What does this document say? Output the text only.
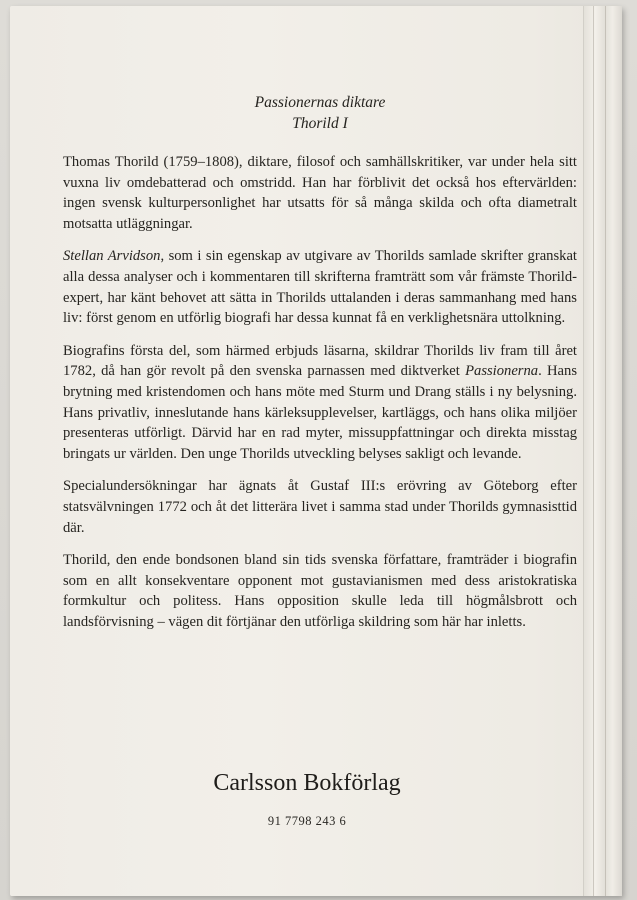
Passionernas diktare
Thorild I

Thomas Thorild (1759–1808), diktare, filosof och samhällskritiker, var under hela sitt vuxna liv omdebatterad och omstridd. Han har förblivit det också hos eftervärlden: ingen svensk kulturpersonlighet har utsatts för så många skilda och ofta diametralt motsatta utläggningar.

Stellan Arvidson, som i sin egenskap av utgivare av Thorilds samlade skrifter granskat alla dessa analyser och i kommentaren till skrifterna framträtt som vår främste Thorild-expert, har känt behovet att sätta in Thorilds uttalanden i deras sammanhang med hans liv: först genom en utförlig biografi har dessa kunnat få en verklighetsnära uttolkning.

Biografins första del, som härmed erbjuds läsarna, skildrar Thorilds liv fram till året 1782, då han gör revolt på den svenska parnassen med diktverket Passionerna. Hans brytning med kristendomen och hans möte med Sturm und Drang ställs i ny belysning. Hans privatliv, inneslutande hans kärleksupplevelser, kartläggs, och hans olika miljöer presenteras utförligt. Därvid har en rad myter, missuppfattningar och direkta misstag bringats ur världen. Den unge Thorilds utveckling belyses sakligt och levande.

Specialundersökningar har ägnats åt Gustaf III:s erövring av Göteborg efter statsvälvningen 1772 och åt det litterära livet i samma stad under Thorilds gymnasisttid där.

Thorild, den ende bondsonen bland sin tids svenska författare, framträder i biografin som en allt konsekventare opponent mot gustavianismen med dess aristokratiska formkultur och politess. Hans opposition skulle leda till högmålsbrott och landsförvisning – vägen dit förtjänar den utförliga skildring som här har inletts.

Carlsson Bokförlag
91 7798 243 6
